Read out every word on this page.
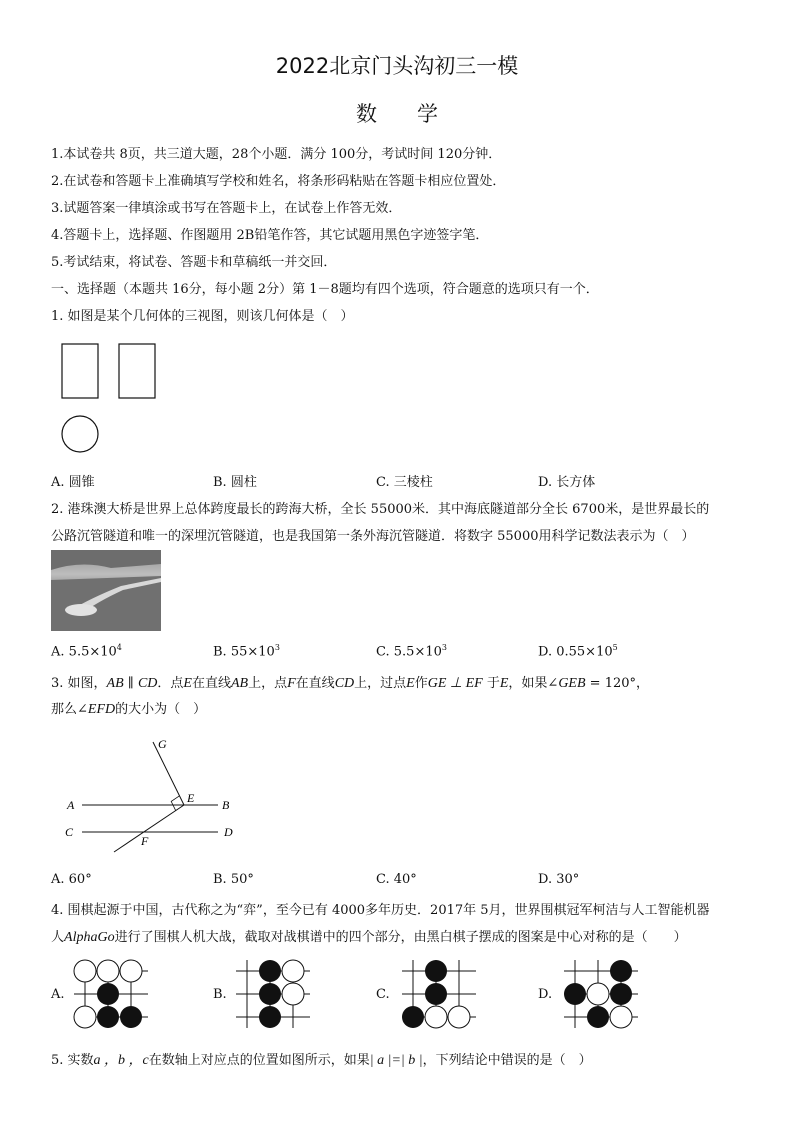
2022北京门头沟初三一模
数学
1.本试卷共 8页，共三道大题，28个小题．满分 100分，考试时间 120分钟．
2.在试卷和答题卡上准确填写学校和姓名，将条形码粘贴在答题卡相应位置处．
3.试题答案一律填涂或书写在答题卡上，在试卷上作答无效．
4.答题卡上，选择题、作图题用 2B铅笔作答，其它试题用黑色字迹签字笔．
5.考试结束，将试卷、答题卡和草稿纸一并交回．
一、选择题（本题共 16分，每小题 2分）第 1－8题均有四个选项，符合题意的选项只有一个．
1. 如图是某个几何体的三视图，则该几何体是（　）
A. 圆锥	B. 圆柱	C. 三棱柱	D. 长方体
2. 港珠澳大桥是世界上总体跨度最长的跨海大桥，全长 55000米．其中海底隧道部分全长 6700米，是世界最长的
公路沉管隧道和唯一的深埋沉管隧道，也是我国第一条外海沉管隧道．将数字 55000用科学记数法表示为（　）
A. $5.5\times 10^4$	B. $55\times 10^3$	C. $5.5\times 10^3$	D. $0.55\times 10^5$
3. 如图，AB ∥ CD．点E在直线AB上，点F在直线CD上，过点E作GE ⊥ EF 于E，如果∠GEB = 120°，
那么∠EFD的大小为（　）
G
E
A	B
C	D
F
A. 60°	B. 50°	C. 40°	D. 30°
4. 围棋起源于中国，古代称之为“弈”，至今已有 4000多年历史．2017年 5月，世界围棋冠军柯洁与人工智能机器
人AlphaGo进行了围棋人机大战，截取对战棋谱中的四个部分，由黑白棋子摆成的图案是中心对称的是（　　）
A.	B.	C.	D.
5. 实数a ，b ，c在数轴上对应点的位置如图所示，如果| a |=| b |，下列结论中错误的是（　）
